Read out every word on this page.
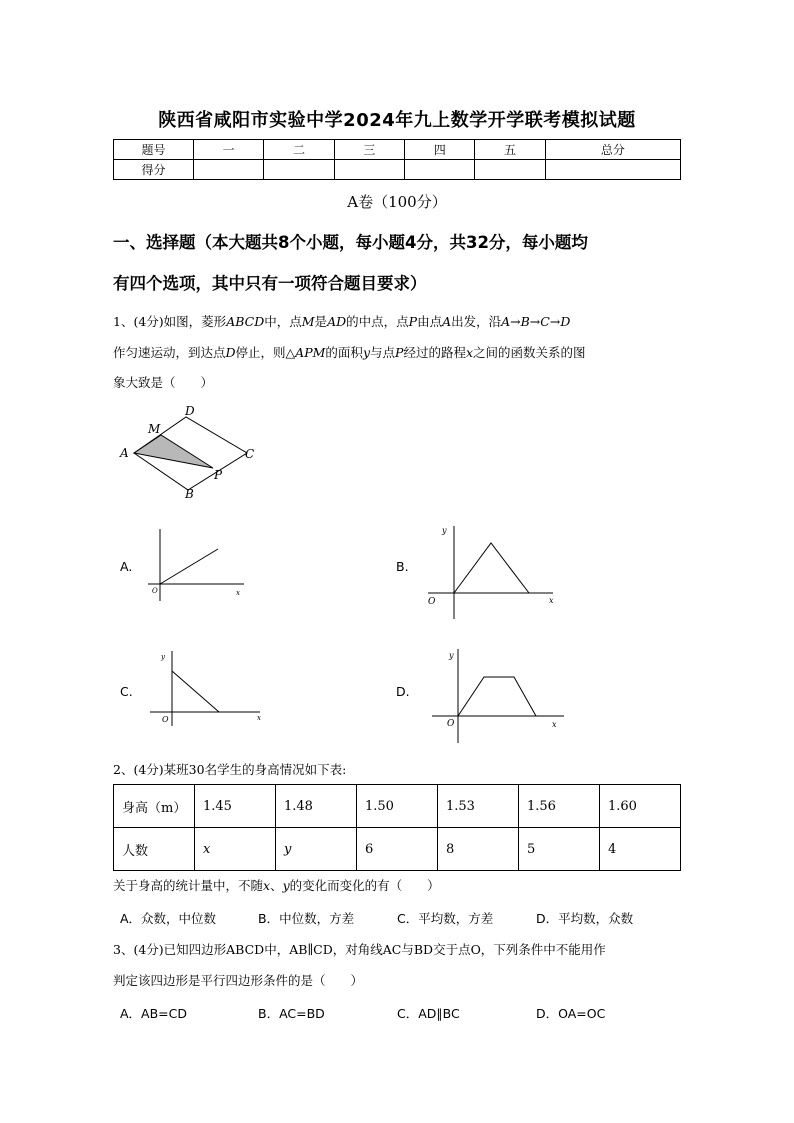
陕西省咸阳市实验中学2024年九上数学开学联考模拟试题
题号	一	二	三	四	五	总分
得分						
A卷（100分）
一、选择题（本大题共8个小题，每小题4分，共32分，每小题均
有四个选项，其中只有一项符合题目要求）
1、(4分)如图，菱形ABCD中，点M是AD的中点，点P由点A出发，沿A→B→C→D
作匀速运动，到达点D停止，则△APM的面积y与点P经过的路程x之间的函数关系的图
象大致是（　　）
A
B
C
D
M
P
A.
x
O
B.
x
y
O
C.
x
y
O
D.
x
y
O
2、(4分)某班30名学生的身高情况如下表:
身高（m）	1.45	1.48	1.50	1.53	1.56	1.60
人数	x	y	6	8	5	4
关于身高的统计量中，不随x、y的变化而变化的有（　　）
A．众数，中位数	B．中位数，方差	C．平均数，方差	D．平均数，众数
3、(4分)已知四边形ABCD中，AB∥CD，对角线AC与BD交于点O，下列条件中不能用作
判定该四边形是平行四边形条件的是（　　）
A．AB=CD	B．AC=BD	C．AD∥BC	D．OA=OC
